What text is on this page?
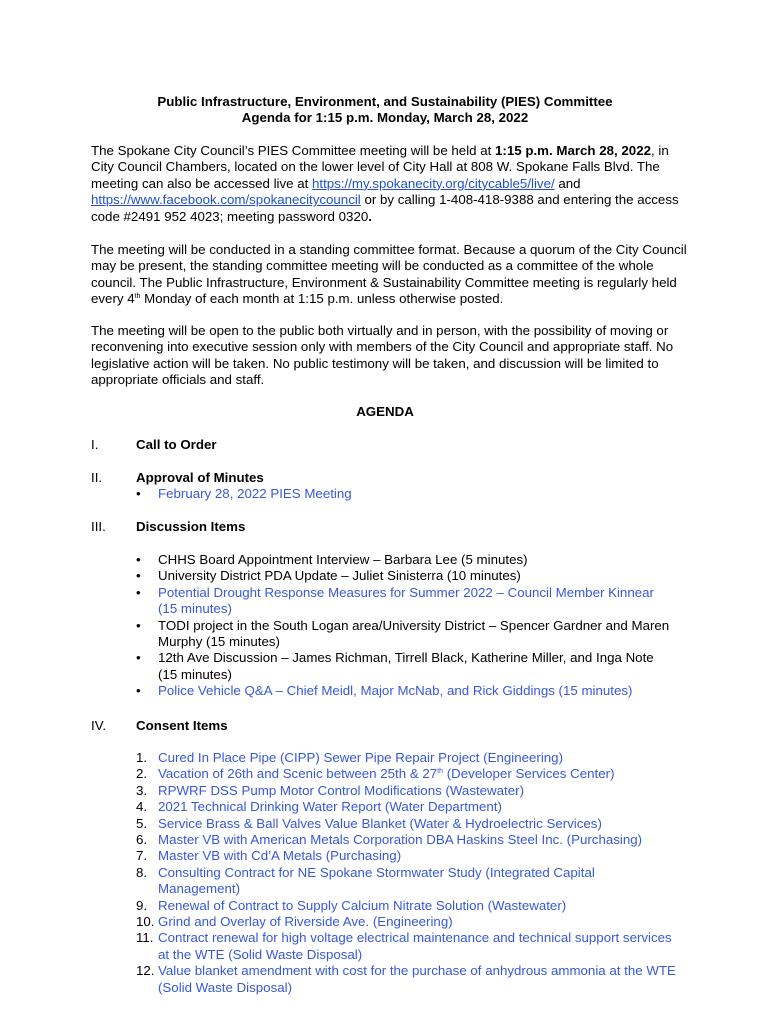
Public Infrastructure, Environment, and Sustainability (PIES) Committee
Agenda for 1:15 p.m. Monday, March 28, 2022
The Spokane City Council’s PIES Committee meeting will be held at 1:15 p.m. March 28, 2022, in City Council Chambers, located on the lower level of City Hall at 808 W. Spokane Falls Blvd. The meeting can also be accessed live at https://my.spokanecity.org/citycable5/live/ and https://www.facebook.com/spokanecitycouncil or by calling 1-408-418-9388 and entering the access code #2491 952 4023; meeting password 0320.
The meeting will be conducted in a standing committee format. Because a quorum of the City Council may be present, the standing committee meeting will be conducted as a committee of the whole council. The Public Infrastructure, Environment & Sustainability Committee meeting is regularly held every 4th Monday of each month at 1:15 p.m. unless otherwise posted.
The meeting will be open to the public both virtually and in person, with the possibility of moving or reconvening into executive session only with members of the City Council and appropriate staff. No legislative action will be taken. No public testimony will be taken, and discussion will be limited to appropriate officials and staff.
AGENDA
I.	Call to Order
II.	Approval of Minutes
•	February 28, 2022 PIES Meeting
III.	Discussion Items
•	CHHS Board Appointment Interview – Barbara Lee (5 minutes)
•	University District PDA Update – Juliet Sinisterra (10 minutes)
•	Potential Drought Response Measures for Summer 2022 – Council Member Kinnear (15 minutes)
•	TODI project in the South Logan area/University District – Spencer Gardner and Maren Murphy (15 minutes)
•	12th Ave Discussion – James Richman, Tirrell Black, Katherine Miller, and Inga Note (15 minutes)
•	Police Vehicle Q&A – Chief Meidl, Major McNab, and Rick Giddings (15 minutes)
IV.	Consent Items
1. Cured In Place Pipe (CIPP) Sewer Pipe Repair Project (Engineering)
2. Vacation of 26th and Scenic between 25th & 27th (Developer Services Center)
3. RPWRF DSS Pump Motor Control Modifications (Wastewater)
4. 2021 Technical Drinking Water Report (Water Department)
5. Service Brass & Ball Valves Value Blanket (Water & Hydroelectric Services)
6. Master VB with American Metals Corporation DBA Haskins Steel Inc. (Purchasing)
7. Master VB with Cd’A Metals (Purchasing)
8. Consulting Contract for NE Spokane Stormwater Study (Integrated Capital Management)
9. Renewal of Contract to Supply Calcium Nitrate Solution (Wastewater)
10. Grind and Overlay of Riverside Ave. (Engineering)
11. Contract renewal for high voltage electrical maintenance and technical support services at the WTE (Solid Waste Disposal)
12. Value blanket amendment with cost for the purchase of anhydrous ammonia at the WTE (Solid Waste Disposal)
